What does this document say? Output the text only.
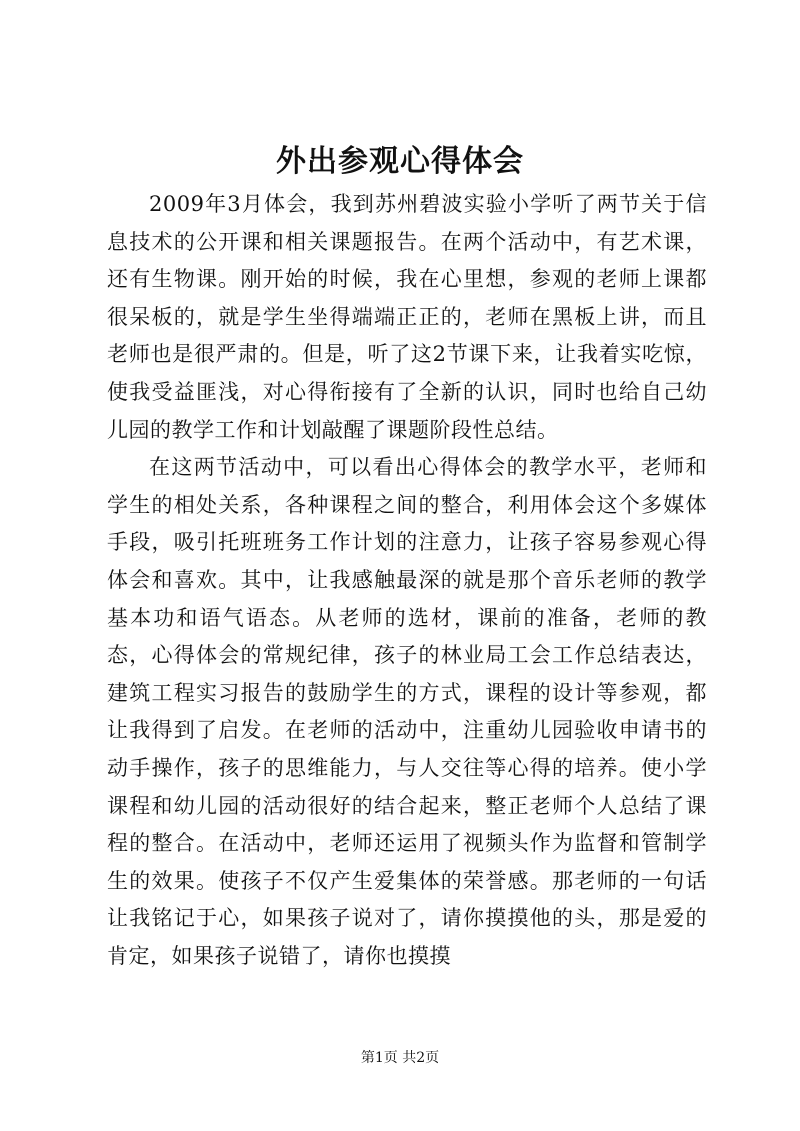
外出参观心得体会

2009年3月体会，我到苏州碧波实验小学听了两节关于信息技术的公开课和相关课题报告。在两个活动中，有艺术课，还有生物课。刚开始的时候，我在心里想，参观的老师上课都很呆板的，就是学生坐得端端正正的，老师在黑板上讲，而且老师也是很严肃的。但是，听了这2节课下来，让我着实吃惊，使我受益匪浅，对心得衔接有了全新的认识，同时也给自己幼儿园的教学工作和计划敲醒了课题阶段性总结。

在这两节活动中，可以看出心得体会的教学水平，老师和学生的相处关系，各种课程之间的整合，利用体会这个多媒体手段，吸引托班班务工作计划的注意力，让孩子容易参观心得体会和喜欢。其中，让我感触最深的就是那个音乐老师的教学基本功和语气语态。从老师的选材，课前的准备，老师的教态，心得体会的常规纪律，孩子的林业局工会工作总结表达，建筑工程实习报告的鼓励学生的方式，课程的设计等参观，都让我得到了启发。在老师的活动中，注重幼儿园验收申请书的动手操作，孩子的思维能力，与人交往等心得的培养。使小学课程和幼儿园的活动很好的结合起来，整正老师个人总结了课程的整合。在活动中，老师还运用了视频头作为监督和管制学生的效果。使孩子不仅产生爱集体的荣誉感。那老师的一句话让我铭记于心，如果孩子说对了，请你摸摸他的头，那是爱的肯定，如果孩子说错了，请你也摸摸

第1页 共2页
